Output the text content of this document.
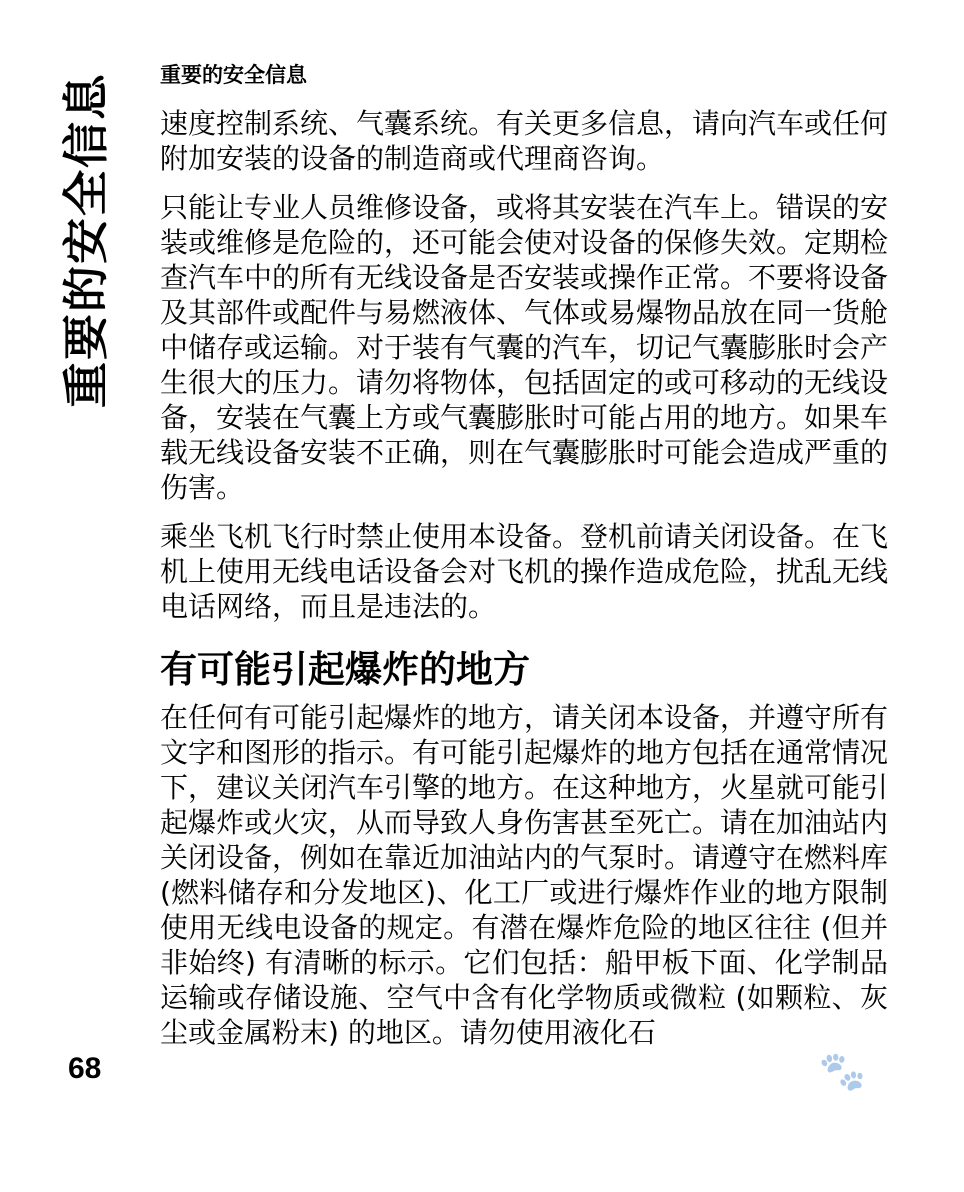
重要的安全信息
68
重要的安全信息

速度控制系统、气囊系统。有关更多信息，请向汽车或任何附加安装的设备的制造商或代理商咨询。

只能让专业人员维修设备，或将其安装在汽车上。错误的安装或维修是危险的，还可能会使对设备的保修失效。定期检查汽车中的所有无线设备是否安装或操作正常。不要将设备及其部件或配件与易燃液体、气体或易爆物品放在同一货舱中储存或运输。对于装有气囊的汽车，切记气囊膨胀时会产生很大的压力。请勿将物体，包括固定的或可移动的无线设备，安装在气囊上方或气囊膨胀时可能占用的地方。如果车载无线设备安装不正确，则在气囊膨胀时可能会造成严重的伤害。

乘坐飞机飞行时禁止使用本设备。登机前请关闭设备。在飞机上使用无线电话设备会对飞机的操作造成危险，扰乱无线电话网络，而且是违法的。

有可能引起爆炸的地方

在任何有可能引起爆炸的地方，请关闭本设备，并遵守所有文字和图形的指示。有可能引起爆炸的地方包括在通常情况下，建议关闭汽车引擎的地方。在这种地方，火星就可能引起爆炸或火灾，从而导致人身伤害甚至死亡。请在加油站内关闭设备，例如在靠近加油站内的气泵时。请遵守在燃料库 (燃料储存和分发地区)、化工厂或进行爆炸作业的地方限制使用无线电设备的规定。有潜在爆炸危险的地区往往 (但并非始终) 有清晰的标示。它们包括：船甲板下面、化学制品运输或存储设施、空气中含有化学物质或微粒 (如颗粒、灰尘或金属粉末) 的地区。请勿使用液化石

🐾
